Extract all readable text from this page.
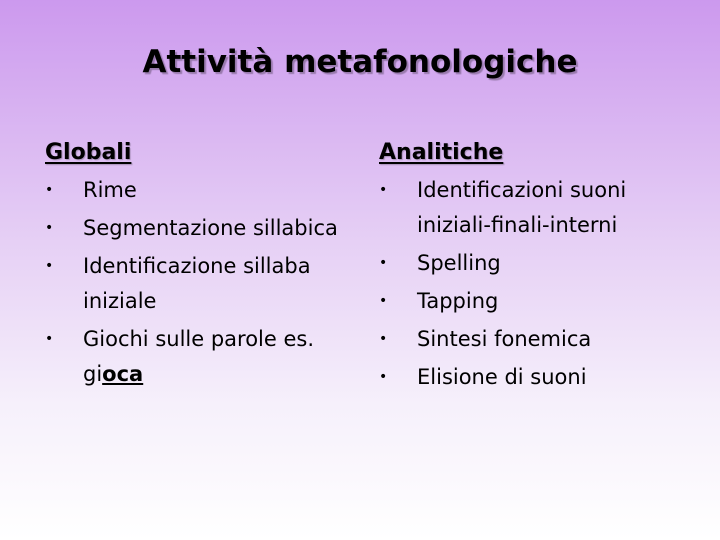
Attività metafonologiche
Globali
• Rime
• Segmentazione sillabica
• Identificazione sillaba iniziale
• Giochi sulle parole es.
gioca
Analitiche
• Identificazioni suoni iniziali-finali-interni
• Spelling
• Tapping
• Sintesi fonemica
• Elisione di suoni
